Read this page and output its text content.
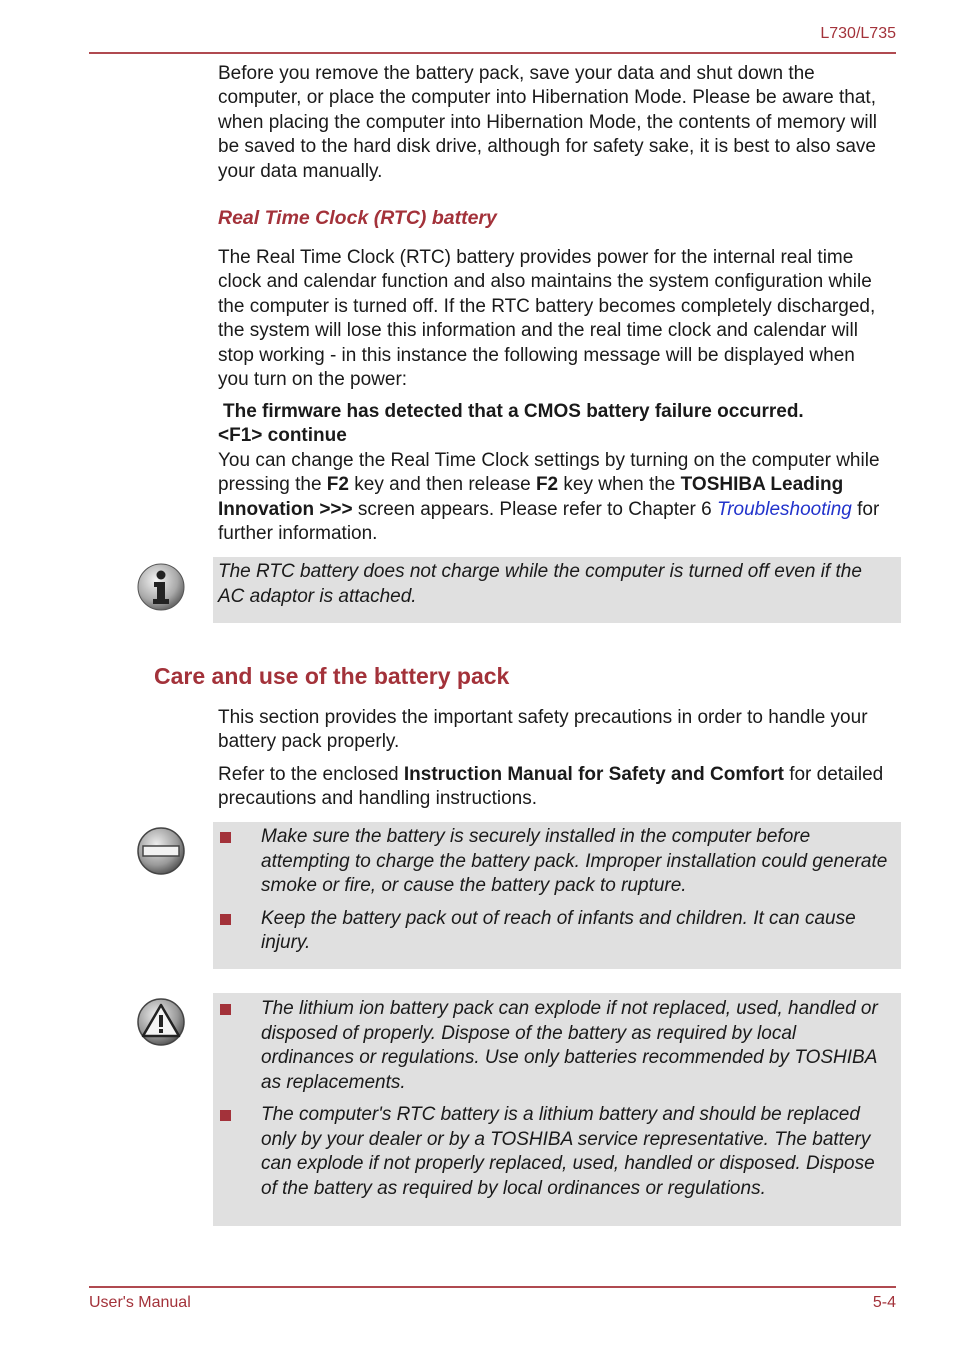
L730/L735

Before you remove the battery pack, save your data and shut down the computer, or place the computer into Hibernation Mode. Please be aware that, when placing the computer into Hibernation Mode, the contents of memory will be saved to the hard disk drive, although for safety sake, it is best to also save your data manually.

Real Time Clock (RTC) battery

The Real Time Clock (RTC) battery provides power for the internal real time clock and calendar function and also maintains the system configuration while the computer is turned off. If the RTC battery becomes completely discharged, the system will lose this information and the real time clock and calendar will stop working - in this instance the following message will be displayed when you turn on the power:

The firmware has detected that a CMOS battery failure occurred.
<F1> continue

You can change the Real Time Clock settings by turning on the computer while pressing the F2 key and then release F2 key when the TOSHIBA Leading Innovation >>> screen appears. Please refer to Chapter 6 Troubleshooting for further information.

The RTC battery does not charge while the computer is turned off even if the AC adaptor is attached.

Care and use of the battery pack

This section provides the important safety precautions in order to handle your battery pack properly.

Refer to the enclosed Instruction Manual for Safety and Comfort for detailed precautions and handling instructions.

Make sure the battery is securely installed in the computer before attempting to charge the battery pack. Improper installation could generate smoke or fire, or cause the battery pack to rupture.
Keep the battery pack out of reach of infants and children. It can cause injury.
The lithium ion battery pack can explode if not replaced, used, handled or disposed of properly. Dispose of the battery as required by local ordinances or regulations. Use only batteries recommended by TOSHIBA as replacements.
The computer's RTC battery is a lithium battery and should be replaced only by your dealer or by a TOSHIBA service representative. The battery can explode if not properly replaced, used, handled or disposed. Dispose of the battery as required by local ordinances or regulations.
User's Manual	5-4
